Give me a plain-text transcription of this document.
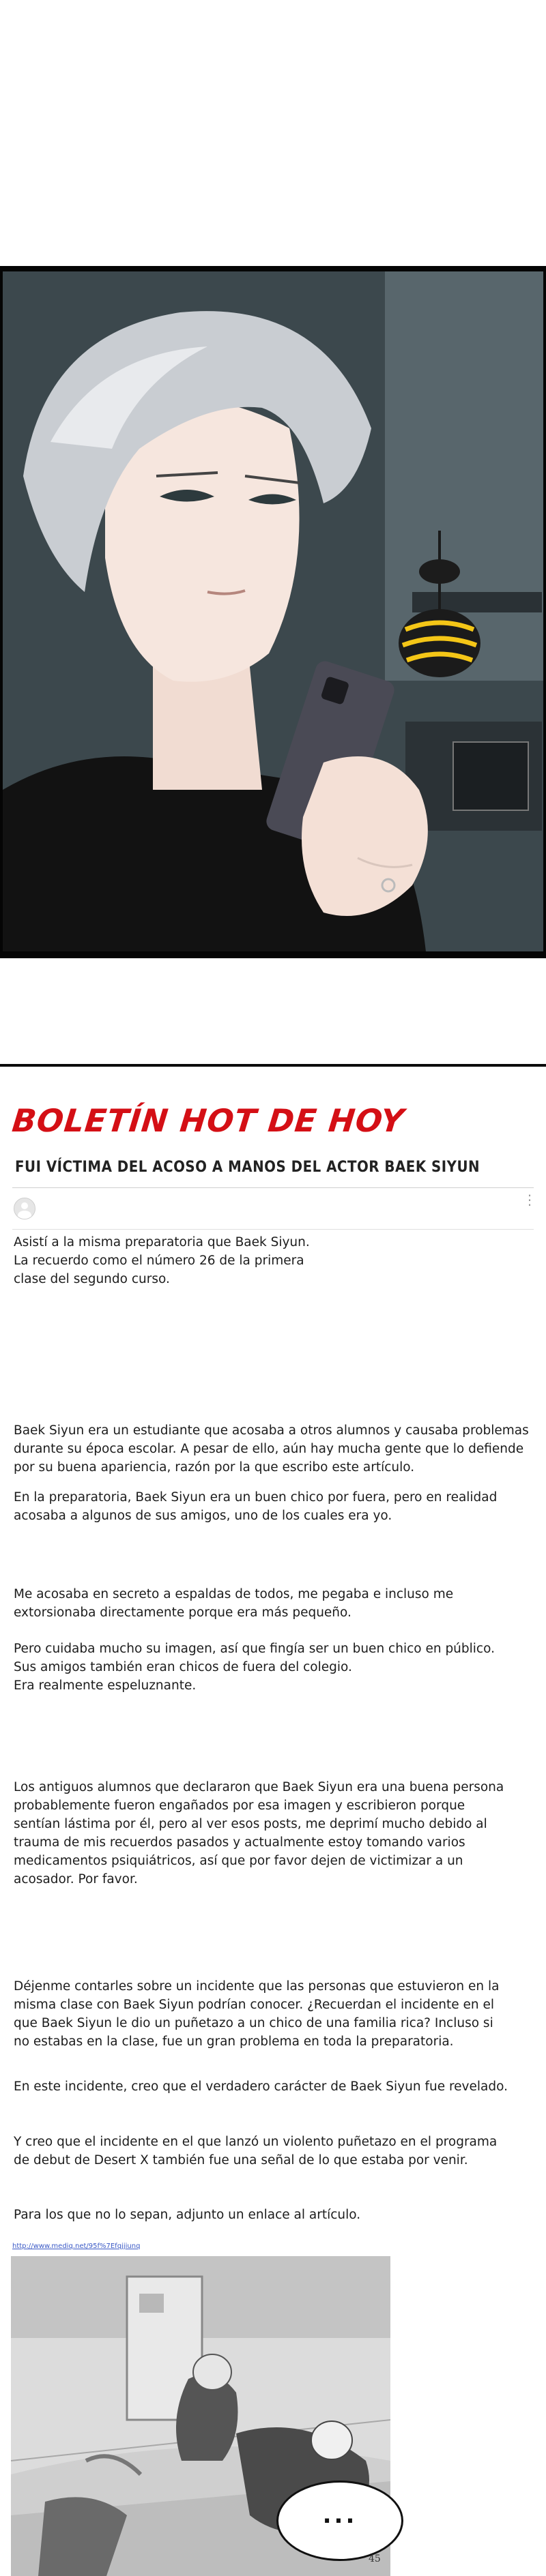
BOLETÍN HOT DE HOY
FUI VÍCTIMA DEL ACOSO A MANOS DEL ACTOR BAEK SIYUN
⋮

Asistí a la misma preparatoria que Baek Siyun.
La recuerdo como el número 26 de la primera
clase del segundo curso.

Baek Siyun era un estudiante que acosaba a otros alumnos y causaba problemas
durante su época escolar. A pesar de ello, aún hay mucha gente que lo defiende
por su buena apariencia, razón por la que escribo este artículo.

En la preparatoria, Baek Siyun era un buen chico por fuera, pero en realidad
acosaba a algunos de sus amigos, uno de los cuales era yo.

Me acosaba en secreto a espaldas de todos, me pegaba e incluso me
extorsionaba directamente porque era más pequeño.

Pero cuidaba mucho su imagen, así que fingía ser un buen chico en público.
Sus amigos también eran chicos de fuera del colegio.
Era realmente espeluznante.

Los antiguos alumnos que declararon que Baek Siyun era una buena persona
probablemente fueron engañados por esa imagen y escribieron porque
sentían lástima por él, pero al ver esos posts, me deprimí mucho debido al
trauma de mis recuerdos pasados y actualmente estoy tomando varios
medicamentos psiquiátricos, así que por favor dejen de victimizar a un
acosador. Por favor.

Déjenme contarles sobre un incidente que las personas que estuvieron en la
misma clase con Baek Siyun podrían conocer. ¿Recuerdan el incidente en el
que Baek Siyun le dio un puñetazo a un chico de una familia rica? Incluso si
no estabas en la clase, fue un gran problema en toda la preparatoria.

En este incidente, creo que el verdadero carácter de Baek Siyun fue revelado.

Y creo que el incidente en el que lanzó un violento puñetazo en el programa
de debut de Desert X también fue una señal de lo que estaba por venir.

Para los que no lo sepan, adjunto un enlace al artículo.

http://www.mediq.net/95f%7Efqjjiunq

...

45
